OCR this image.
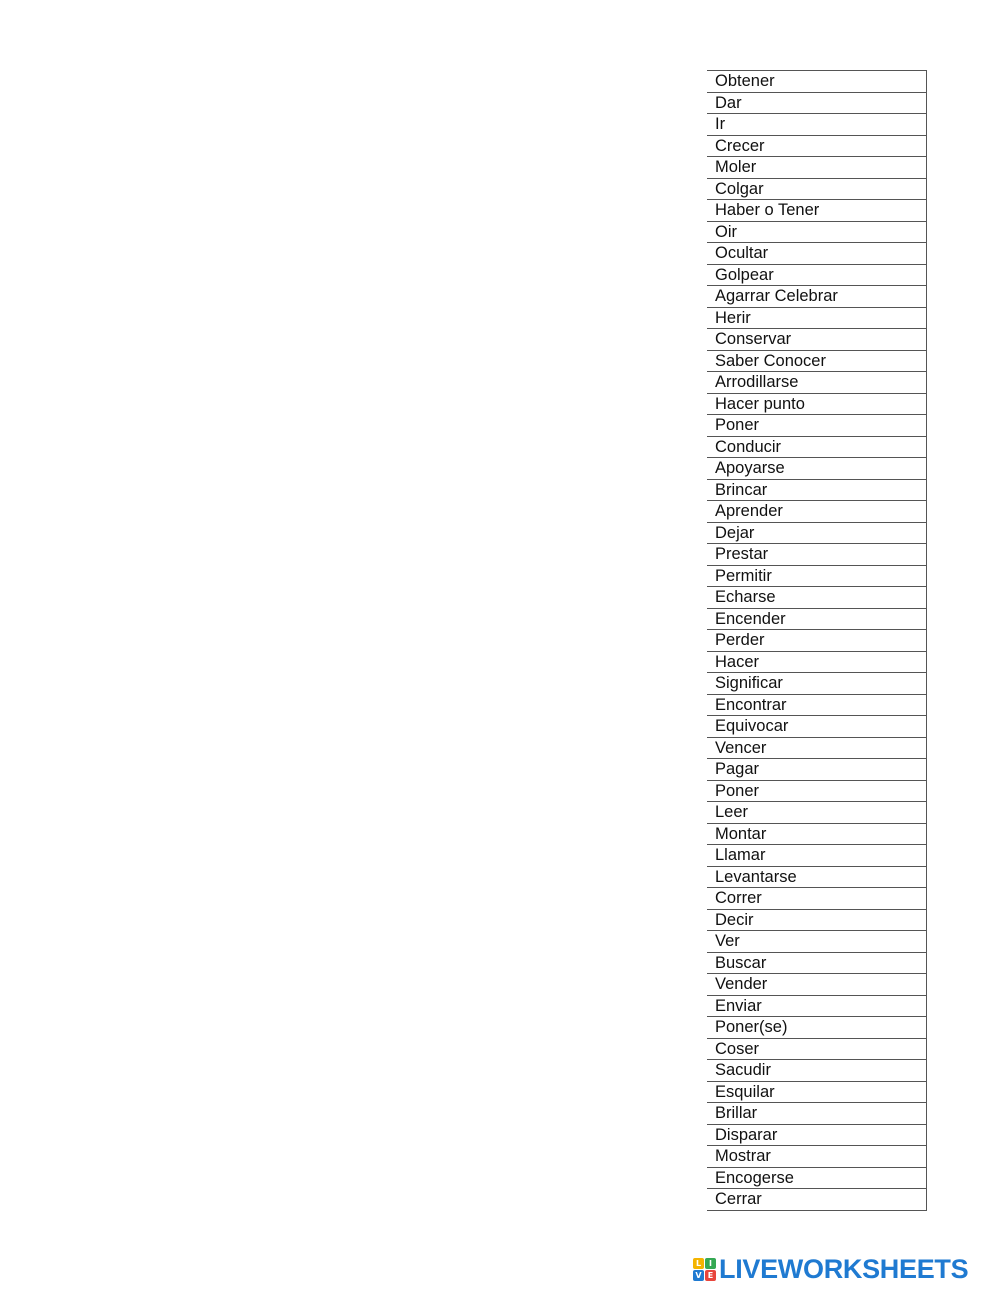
Obtener
Dar
Ir
Crecer
Moler
Colgar
Haber o Tener
Oir
Ocultar
Golpear
Agarrar Celebrar
Herir
Conservar
Saber Conocer
Arrodillarse
Hacer punto
Poner
Conducir
Apoyarse
Brincar
Aprender
Dejar
Prestar
Permitir
Echarse
Encender
Perder
Hacer
Significar
Encontrar
Equivocar
Vencer
Pagar
Poner
Leer
Montar
Llamar
Levantarse
Correr
Decir
Ver
Buscar
Vender
Enviar
Poner(se)
Coser
Sacudir
Esquilar
Brillar
Disparar
Mostrar
Encogerse
Cerrar
L I
V E LIVEWORKSHEETS
